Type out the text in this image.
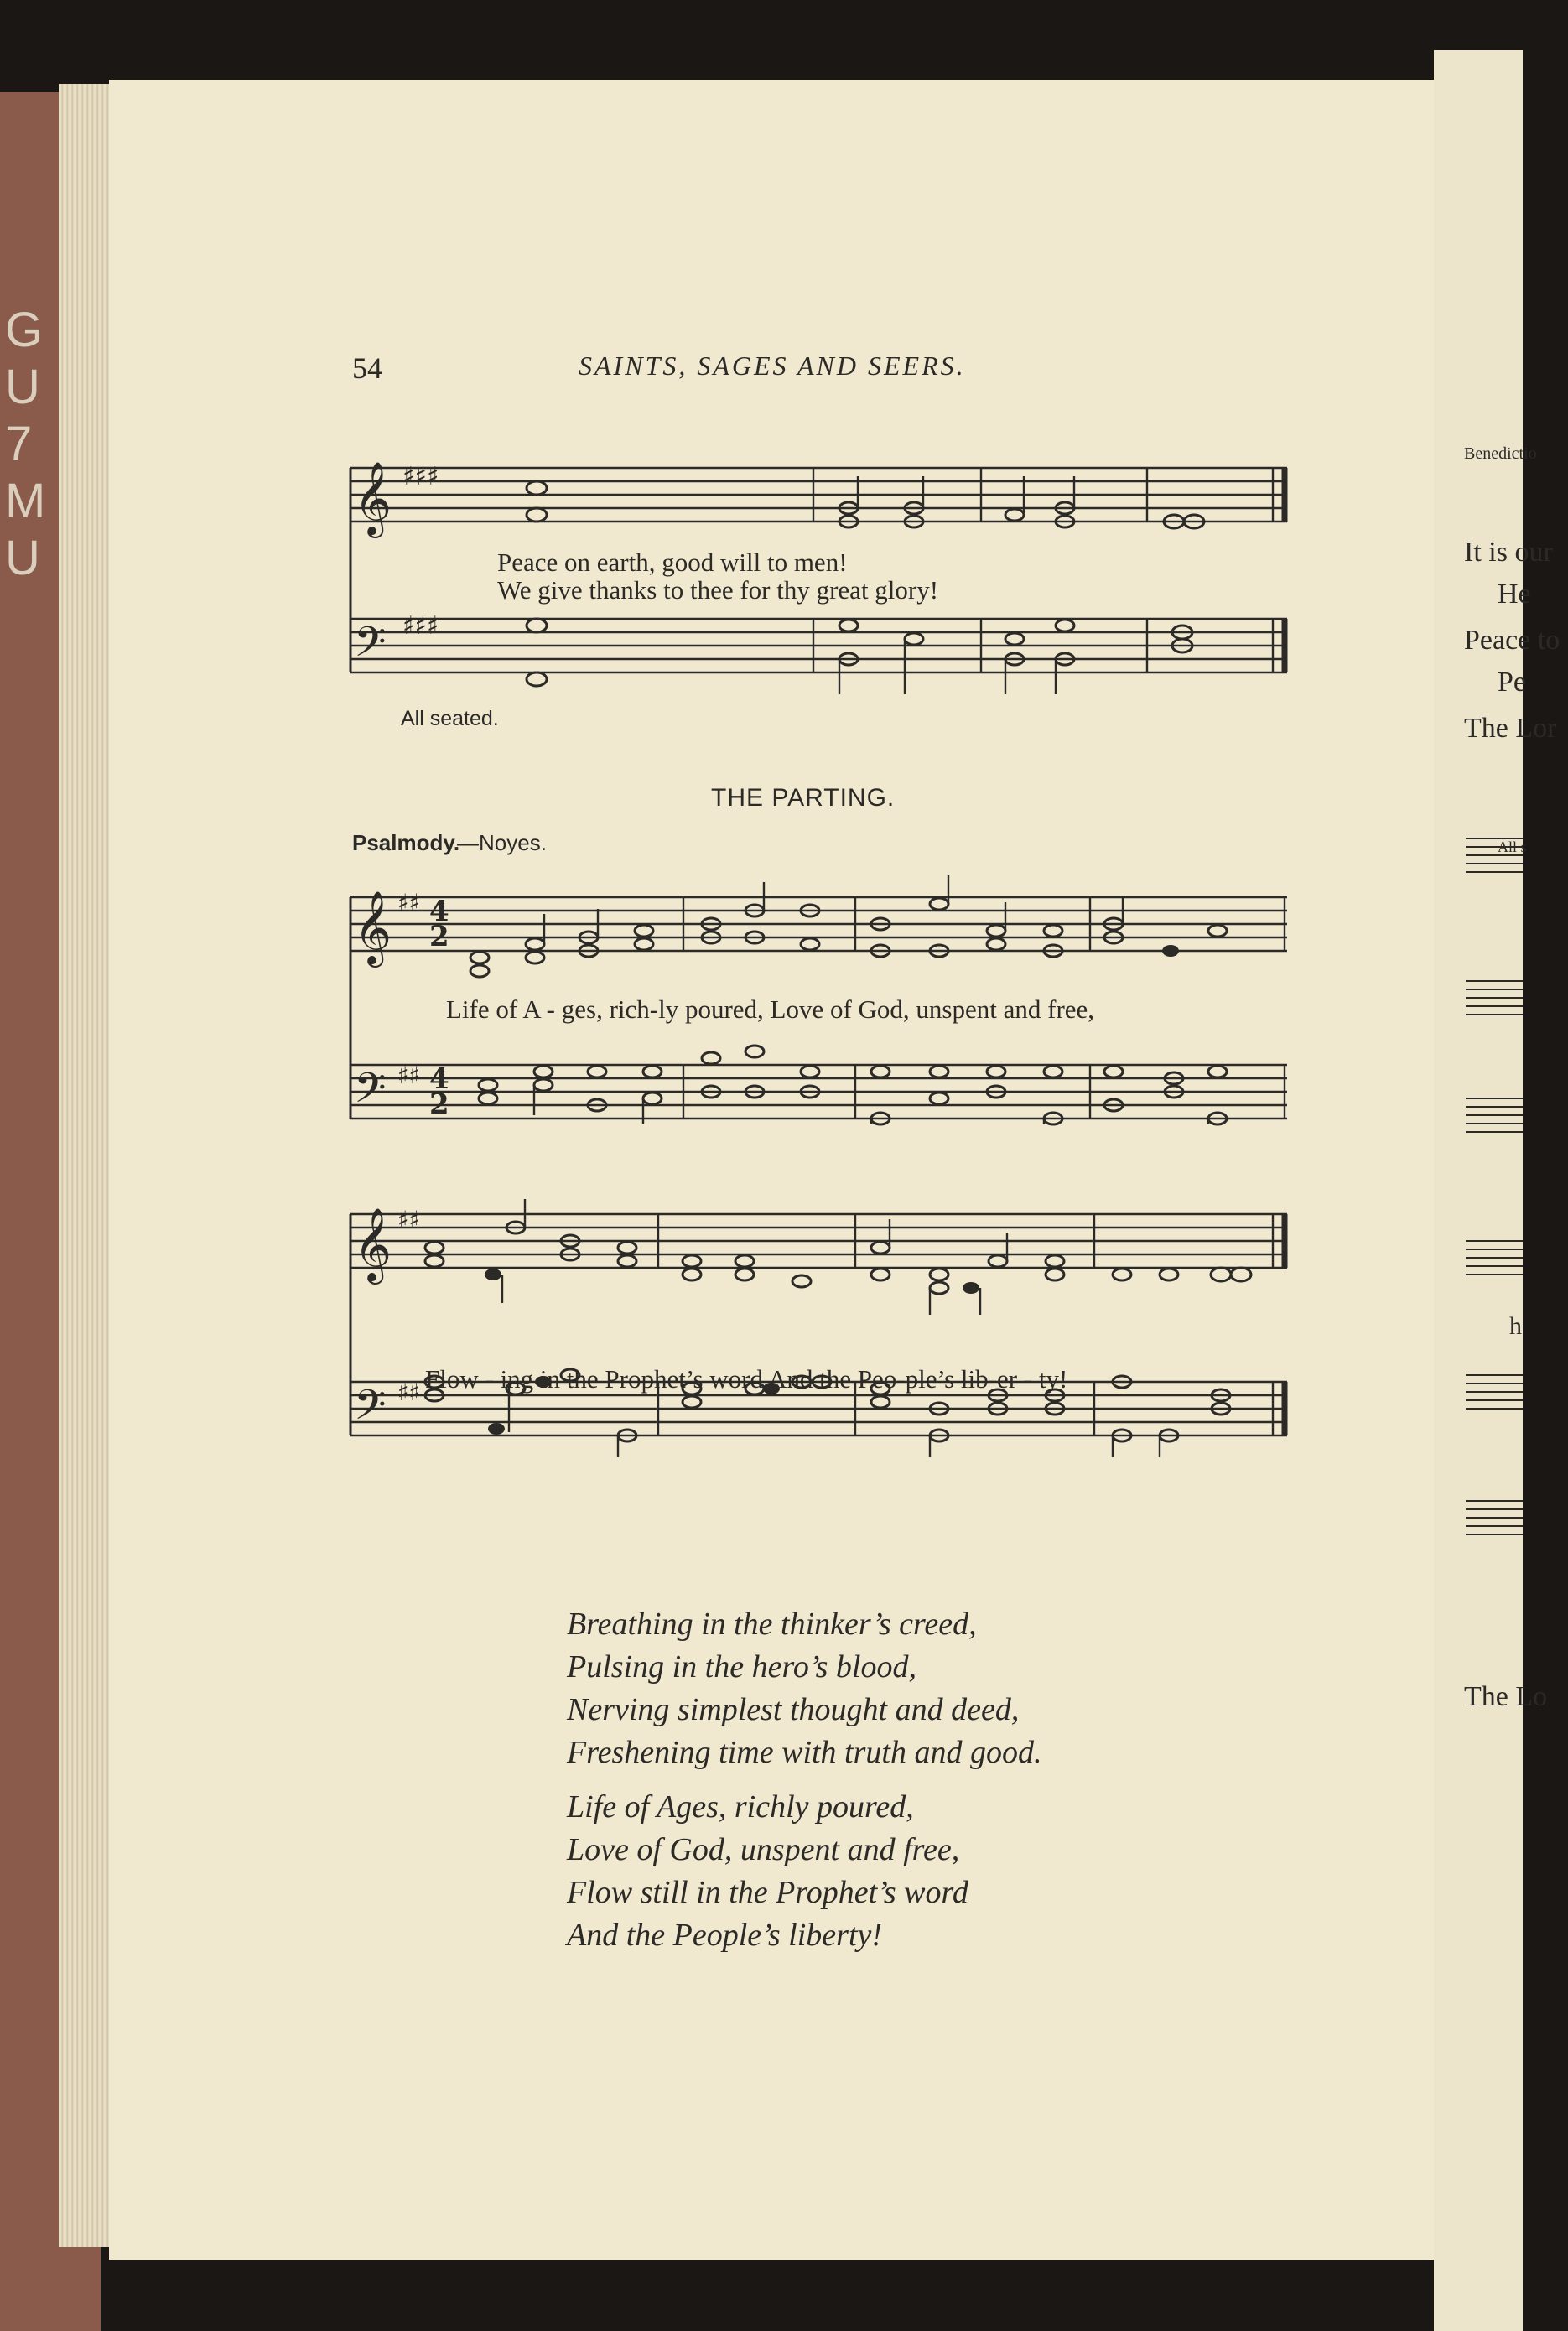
G U 7 M U
Benedictio
It is our
He
Peace to
Pe
The Lor
All s
h
The Lo
54	SAINTS, SAGES AND SEERS.
𝄞
𝄢
♯♯♯
♯♯♯
Peace on earth, good will to men!
We give thanks to thee for thy great glory!
All seated.
THE PARTING.
Psalmody.
—Noyes.
𝄞
𝄢
♯♯
♯♯
4
2
4
2
Life of A - ges, rich-ly poured, Love of God, unspent and free,
𝄞
𝄢
♯♯
♯♯ Flow - ing in the Prophet’s word And the Peo-ple’s lib-er - ty!
Breathing in the thinker’s creed,
Pulsing in the hero’s blood,
Nerving simplest thought and deed,
Freshening time with truth and good.
Life of Ages, richly poured,
Love of God, unspent and free,
Flow still in the Prophet’s word
And the People’s liberty!
